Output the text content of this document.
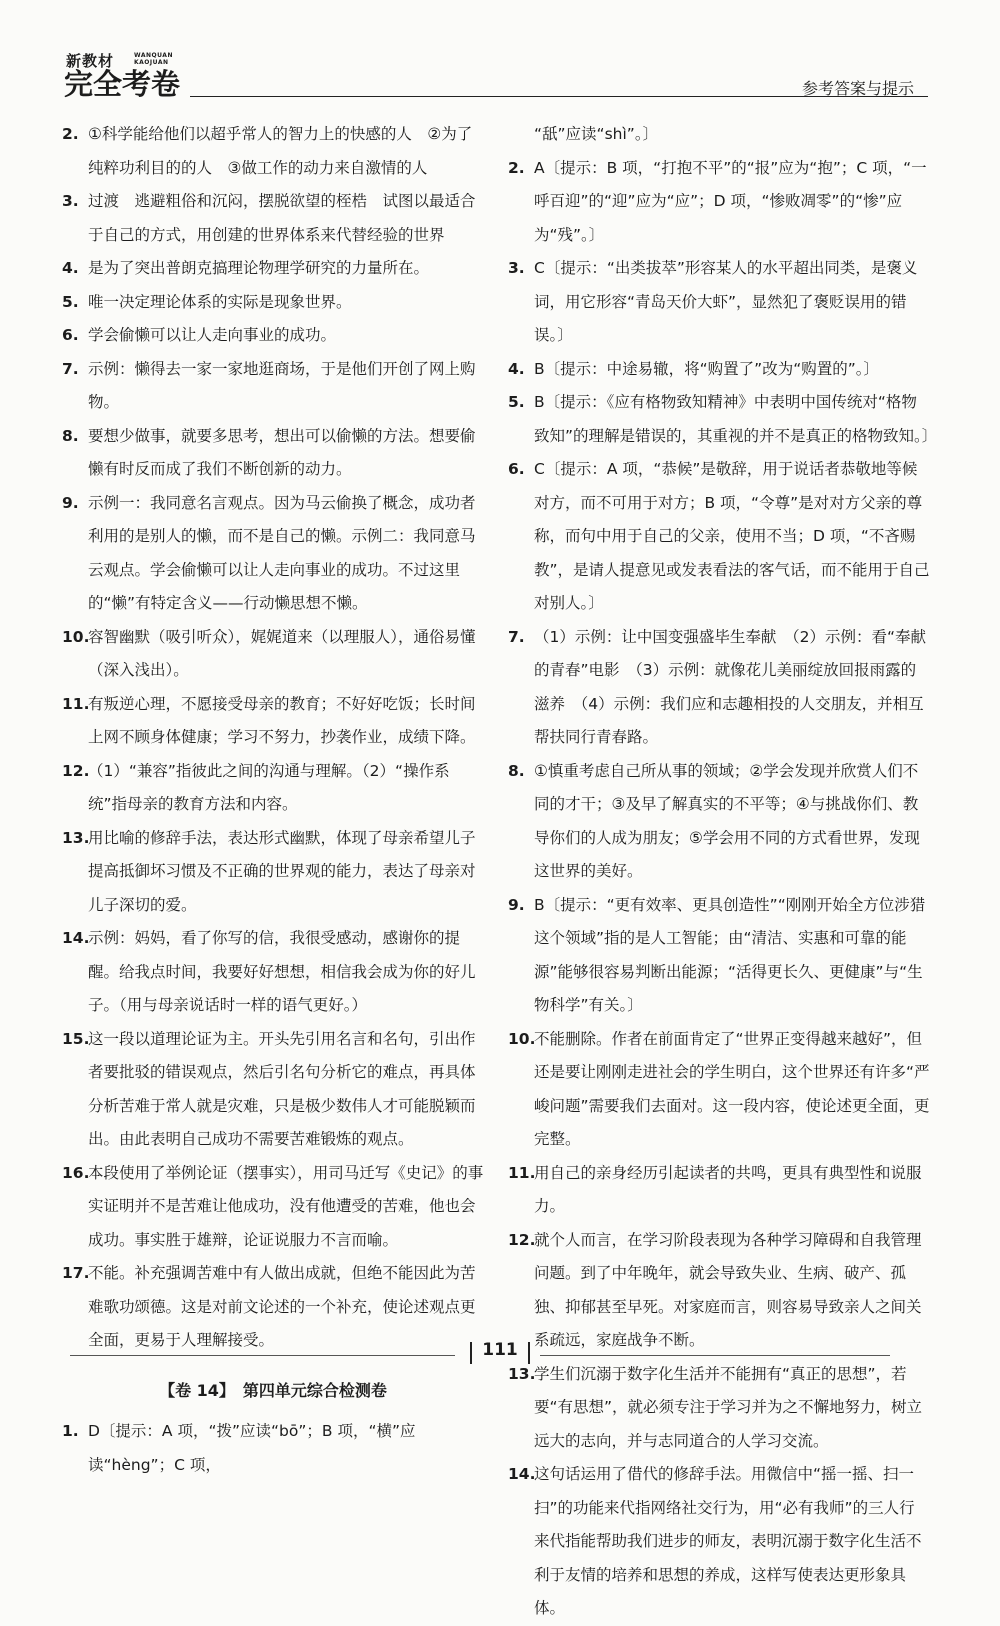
新教材	WANQUAN
KAOJUAN
完全考卷	参考答案与提示
2. ①科学能给他们以超乎常人的智力上的快感的人　②为了纯粹功利目的的人　③做工作的动力来自激情的人
3. 过渡　逃避粗俗和沉闷，摆脱欲望的桎梏　试图以最适合于自己的方式，用创建的世界体系来代替经验的世界
4. 是为了突出普朗克搞理论物理学研究的力量所在。
5. 唯一决定理论体系的实际是现象世界。
6. 学会偷懒可以让人走向事业的成功。
7. 示例：懒得去一家一家地逛商场，于是他们开创了网上购物。
8. 要想少做事，就要多思考，想出可以偷懒的方法。想要偷懒有时反而成了我们不断创新的动力。
9. 示例一：我同意名言观点。因为马云偷换了概念，成功者利用的是别人的懒，而不是自己的懒。示例二：我同意马云观点。学会偷懒可以让人走向事业的成功。不过这里的“懒”有特定含义——行动懒思想不懒。
10.
容智幽默（吸引听众），娓娓道来（以理服人），通俗易懂（深入浅出）。
11.
有叛逆心理，不愿接受母亲的教育；不好好吃饭；长时间上网不顾身体健康；学习不努力，抄袭作业，成绩下降。
12.
（1）“兼容”指彼此之间的沟通与理解。（2）“操作系统”指母亲的教育方法和内容。
13.
用比喻的修辞手法，表达形式幽默，体现了母亲希望儿子提高抵御坏习惯及不正确的世界观的能力，表达了母亲对儿子深切的爱。
14.
示例：妈妈，看了你写的信，我很受感动，感谢你的提醒。给我点时间，我要好好想想，相信我会成为你的好儿子。（用与母亲说话时一样的语气更好。）
15.
这一段以道理论证为主。开头先引用名言和名句，引出作者要批驳的错误观点，然后引名句分析它的难点，再具体分析苦难于常人就是灾难，只是极少数伟人才可能脱颖而出。由此表明自己成功不需要苦难锻炼的观点。
16.
本段使用了举例论证（摆事实），用司马迁写《史记》的事实证明并不是苦难让他成功，没有他遭受的苦难，他也会成功。事实胜于雄辩，论证说服力不言而喻。
17.
不能。补充强调苦难中有人做出成就，但绝不能因此为苦难歌功颂德。这是对前文论述的一个补充，使论述观点更全面，更易于人理解接受。
【卷 14】　第四单元综合检测卷
1. D〔提示：A 项，“拨”应读“bō”；B 项，“横”应读“hèng”；C 项，
“舐”应读“shì”。〕
2. A〔提示：B 项，“打抱不平”的“报”应为“抱”；C 项，“一呼百迎”的“迎”应为“应”；D 项，“惨败凋零”的“惨”应为“残”。〕
3. C〔提示：“出类拔萃”形容某人的水平超出同类，是褒义词，用它形容“青岛天价大虾”，显然犯了褒贬误用的错误。〕
4. B〔提示：中途易辙，将“购置了”改为“购置的”。〕
5. B〔提示：《应有格物致知精神》中表明中国传统对“格物致知”的理解是错误的，其重视的并不是真正的格物致知。〕
6. C〔提示：A 项，“恭候”是敬辞，用于说话者恭敬地等候对方，而不可用于对方；B 项，“令尊”是对对方父亲的尊称，而句中用于自己的父亲，使用不当；D 项，“不吝赐教”，是请人提意见或发表看法的客气话，而不能用于自己对别人。〕
7. （1）示例：让中国变强盛毕生奉献　（2）示例：看“奉献的青春”电影　（3）示例：就像花儿美丽绽放回报雨露的滋养　（4）示例：我们应和志趣相投的人交朋友，并相互帮扶同行青春路。
8. ①慎重考虑自己所从事的领域；②学会发现并欣赏人们不同的才干；③及早了解真实的不平等；④与挑战你们、教导你们的人成为朋友；⑤学会用不同的方式看世界，发现这世界的美好。
9. B〔提示：“更有效率、更具创造性”“刚刚开始全方位涉猎这个领域”指的是人工智能；由“清洁、实惠和可靠的能源”能够很容易判断出能源；“活得更长久、更健康”与“生物科学”有关。〕
10.
不能删除。作者在前面肯定了“世界正变得越来越好”，但还是要让刚刚走进社会的学生明白，这个世界还有许多“严峻问题”需要我们去面对。这一段内容，使论述更全面，更完整。
11.
用自己的亲身经历引起读者的共鸣，更具有典型性和说服力。
12.
就个人而言，在学习阶段表现为各种学习障碍和自我管理问题。到了中年晚年，就会导致失业、生病、破产、孤独、抑郁甚至早死。对家庭而言，则容易导致亲人之间关系疏远，家庭战争不断。
13.
学生们沉溺于数字化生活并不能拥有“真正的思想”，若要“有思想”，就必须专注于学习并为之不懈地努力，树立远大的志向，并与志同道合的人学习交流。
14.
这句话运用了借代的修辞手法。用微信中“摇一摇、扫一扫”的功能来代指网络社交行为，用“必有我师”的三人行来代指能帮助我们进步的师友，表明沉溺于数字化生活不利于友情的培养和思想的养成，这样写使表达更形象具体。
111
